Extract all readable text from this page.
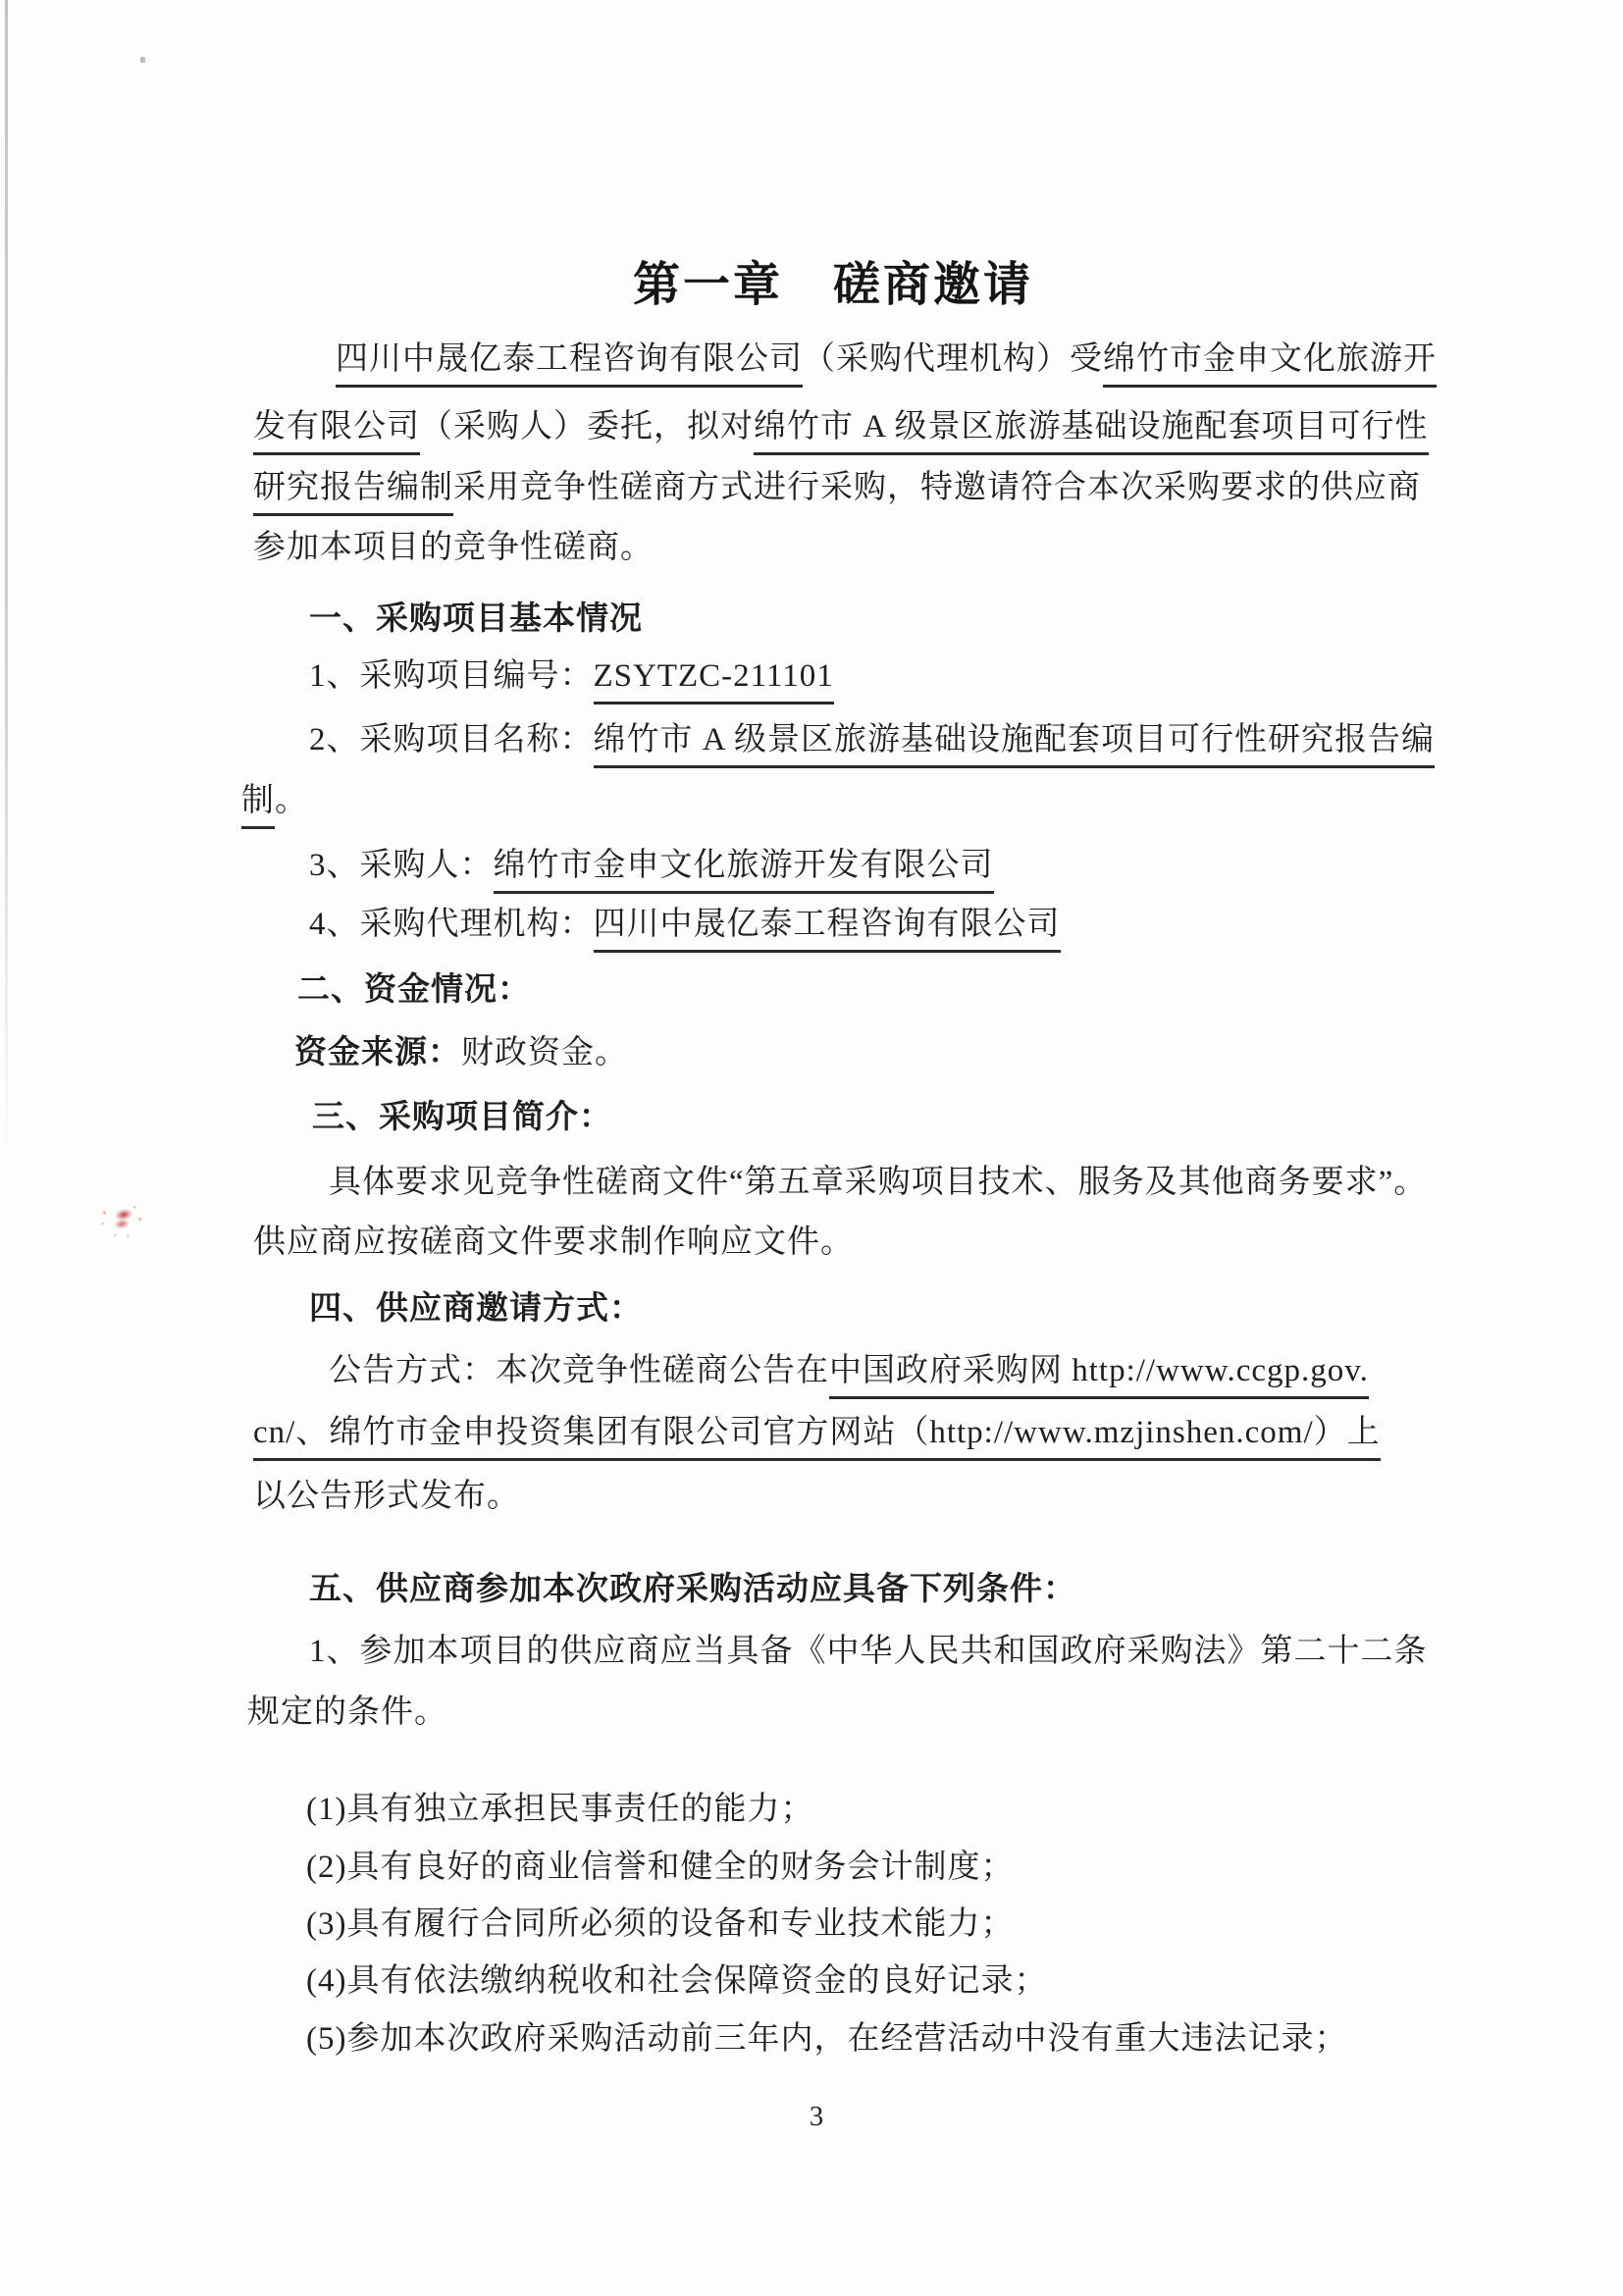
第一章　磋商邀请
四川中晟亿泰工程咨询有限公司（采购代理机构）受绵竹市金申文化旅游开
发有限公司（采购人）委托，拟对绵竹市 A 级景区旅游基础设施配套项目可行性
研究报告编制采用竞争性磋商方式进行采购，特邀请符合本次采购要求的供应商
参加本项目的竞争性磋商。
一、采购项目基本情况
1、采购项目编号：ZSYTZC-211101
2、采购项目名称：绵竹市 A 级景区旅游基础设施配套项目可行性研究报告编
制。
3、采购人：绵竹市金申文化旅游开发有限公司
4、采购代理机构：四川中晟亿泰工程咨询有限公司
二、资金情况：
资金来源：财政资金。
三、采购项目简介：
具体要求见竞争性磋商文件“第五章采购项目技术、服务及其他商务要求”。
供应商应按磋商文件要求制作响应文件。
四、供应商邀请方式：
公告方式：本次竞争性磋商公告在中国政府采购网 http://www.ccgp.gov.
cn/、绵竹市金申投资集团有限公司官方网站（http://www.mzjinshen.com/）上
以公告形式发布。
五、供应商参加本次政府采购活动应具备下列条件：
1、参加本项目的供应商应当具备《中华人民共和国政府采购法》第二十二条
规定的条件。
(1)具有独立承担民事责任的能力；
(2)具有良好的商业信誉和健全的财务会计制度；
(3)具有履行合同所必须的设备和专业技术能力；
(4)具有依法缴纳税收和社会保障资金的良好记录；
(5)参加本次政府采购活动前三年内，在经营活动中没有重大违法记录；
3
